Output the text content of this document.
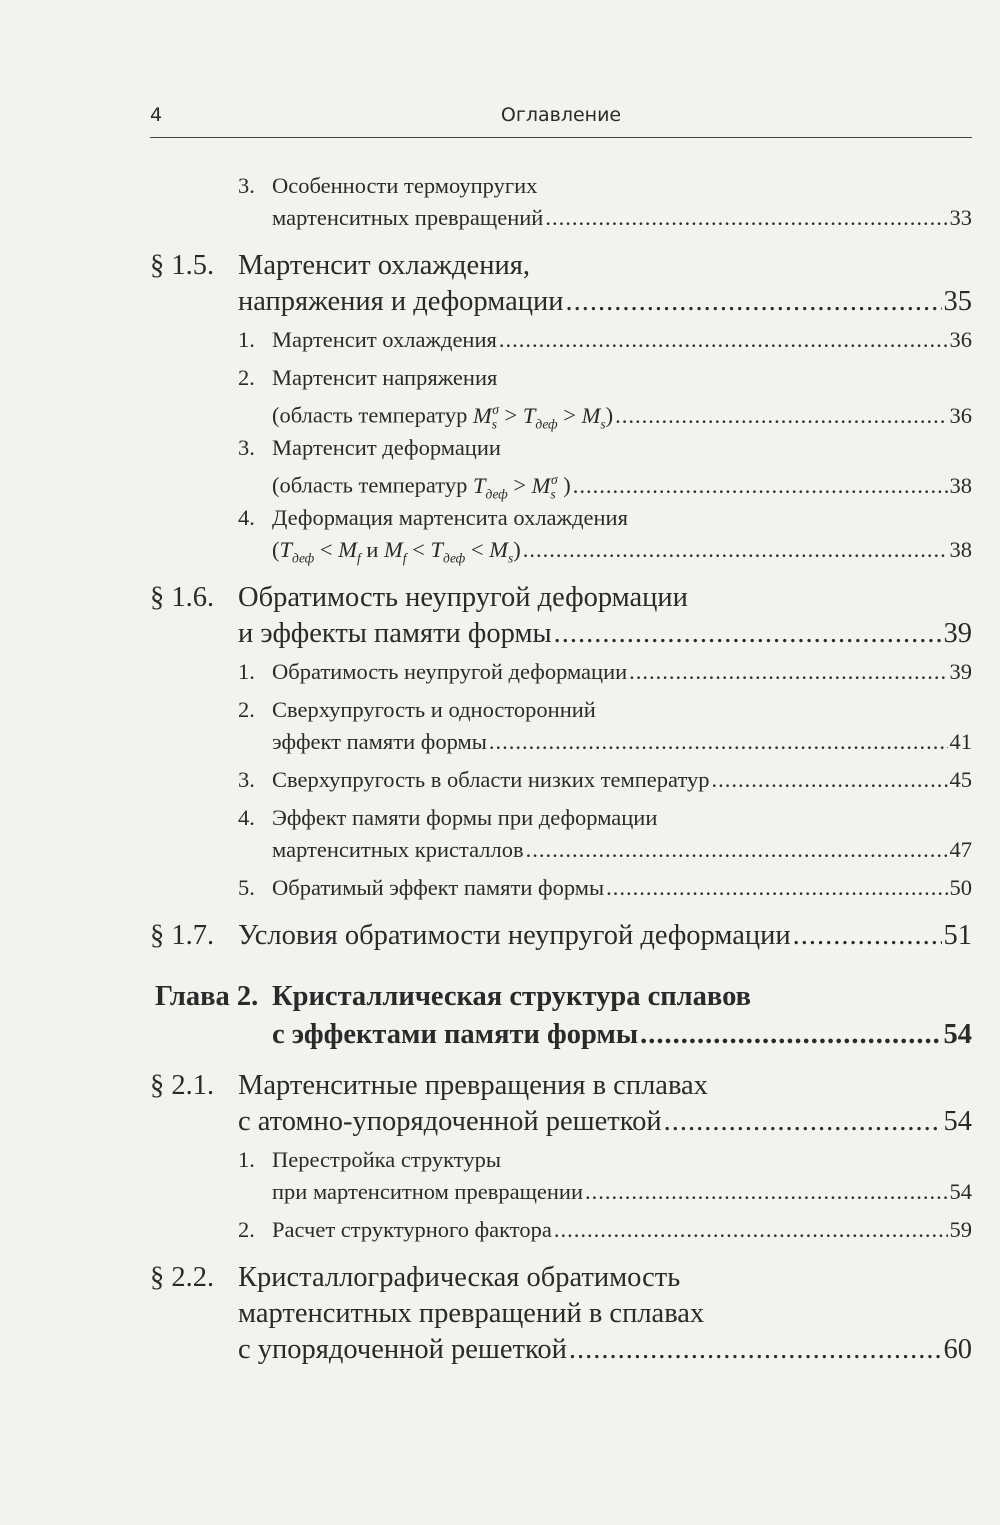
4	Оглавление
3. Особенности термоупругих
мартенситных превращений .....	33
§ 1.5. Мартенсит охлаждения,
напряжения и деформации .....	35
1. Мартенсит охлаждения .....	36
2. Мартенсит напряжения
(область температур $M_s^\sigma > T_{деф} > M_s$) .....	36
3. Мартенсит деформации
(область температур $T_{деф} > M_s^\sigma$ ) .....	38
4. Деформация мартенсита охлаждения
($T_{деф} < M_f$ и $M_f < T_{деф} < M_s$) .....	38
§ 1.6. Обратимость неупругой деформации
и эффекты памяти формы .....	39
1. Обратимость неупругой деформации .....	39
2. Сверхупругость и односторонний
эффект памяти формы .....	41
3. Сверхупругость в области низких температур .....	45
4. Эффект памяти формы при деформации
мартенситных кристаллов .....	47
5. Обратимый эффект памяти формы .....	50
§ 1.7. Условия обратимости неупругой деформации .....	51
Глава 2. Кристаллическая структура сплавов
с эффектами памяти формы .....	54
§ 2.1. Мартенситные превращения в сплавах
с атомно-упорядоченной решеткой .....	54
1. Перестройка структуры
при мартенситном превращении .....	54
2. Расчет структурного фактора .....	59
§ 2.2. Кристаллографическая обратимость
мартенситных превращений в сплавах
с упорядоченной решеткой .....	60
